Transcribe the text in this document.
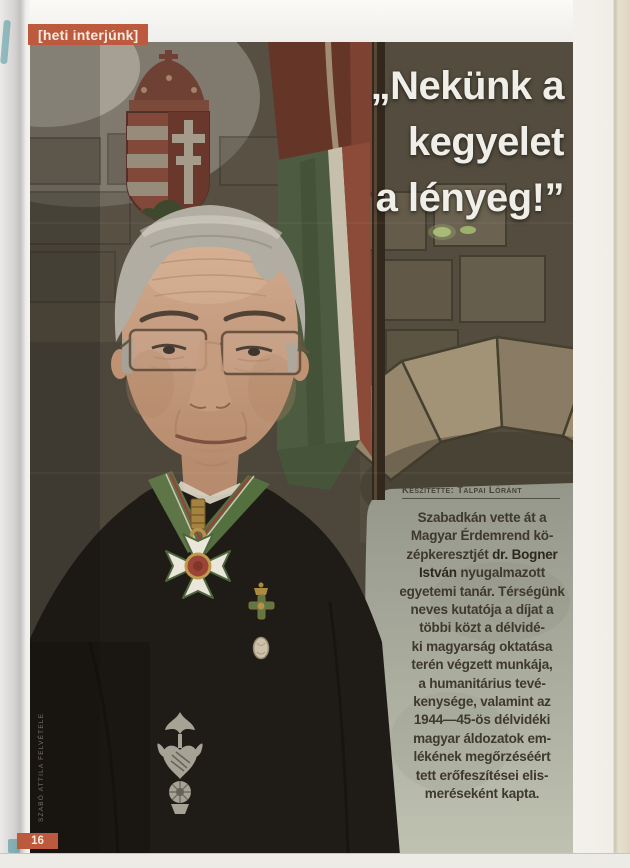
[heti interjúnk]
„Nekünk a
kegyelet
a lényeg!”
Készítette: Talpai Lóránt
Szabadkán vette át a
Magyar Érdemrend kö-
zépkeresztjét dr. Bogner
István nyugalmazott
egyetemi tanár. Térségünk
neves kutatója a díjat a
többi közt a délvidé-
ki magyarság oktatása
terén végzett munkája,
a humanitárius tevé-
kenysége, valamint az
1944—45-ös délvidéki
magyar áldozatok em-
lékének megőrzéséért
tett erőfeszítései elis-
meréseként kapta.
SZABÓ ATTILA FELVÉTELE
16
